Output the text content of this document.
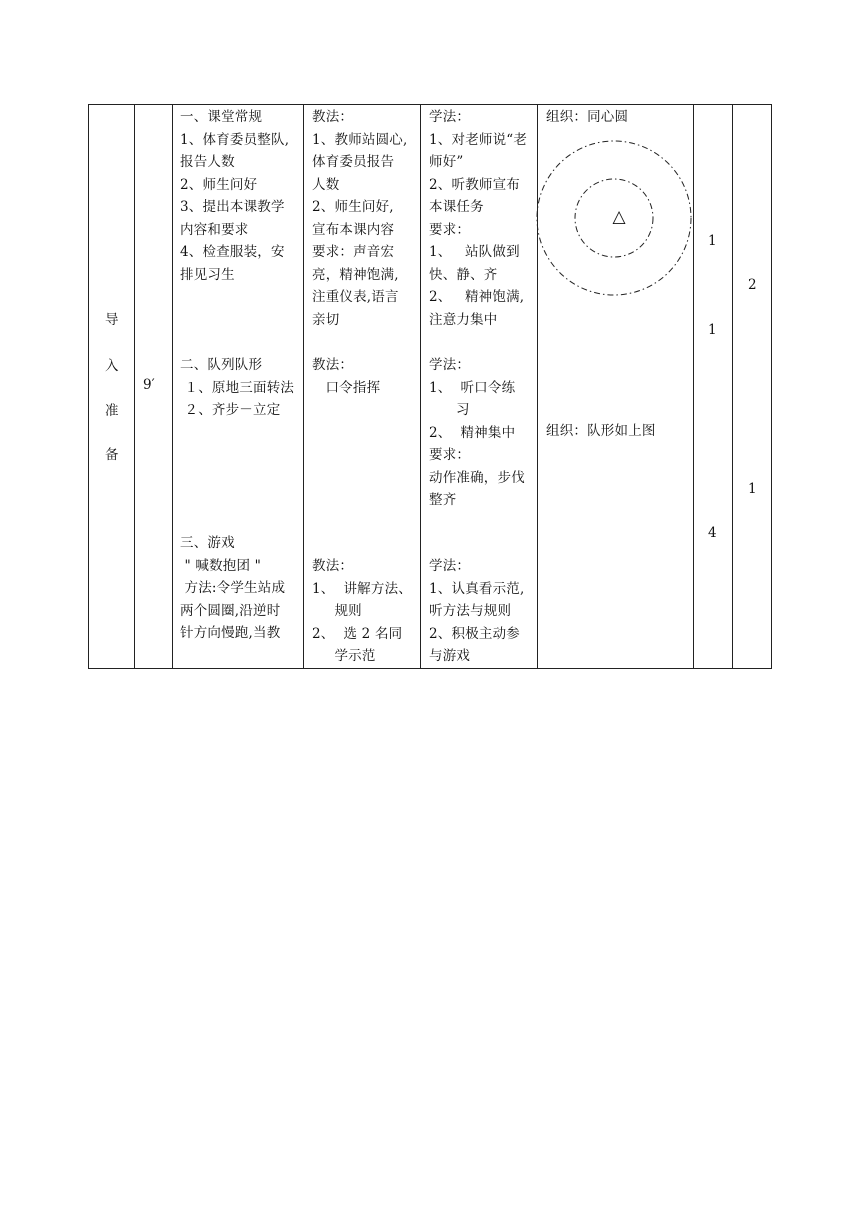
导
入
准
备
9′
一、课堂常规
1、体育委员整队,
报告人数
2、师生问好
3、提出本课教学
内容和要求
4、检查服装，安
排见习生
二、队列队形
１、原地三面转法
２、齐步－立定
三、游戏
" 喊数抱团 "
方法:令学生站成
两个圆圈,沿逆时
针方向慢跑,当教
教法：
1、教师站圆心,
体育委员报告
人数
2、师生问好,
宣布本课内容
要求：声音宏
亮，精神饱满,
注重仪表,语言
亲切
教法：
口令指挥
教法：
1、  讲解方法、
规则
2、  选 2 名同
学示范
学法：
1、对老师说“老
师好”
2、听教师宣布
本课任务
要求：
1、   站队做到
快、静、齐
2、   精神饱满,
注意力集中
学法：
1、  听口令练
习
2、  精神集中
要求：
动作准确，步伐
整齐
学法：
1、认真看示范,
听方法与规则
2、积极主动参
与游戏
组织：同心圆
△
组织：队形如上图
1
1
4
2
1
